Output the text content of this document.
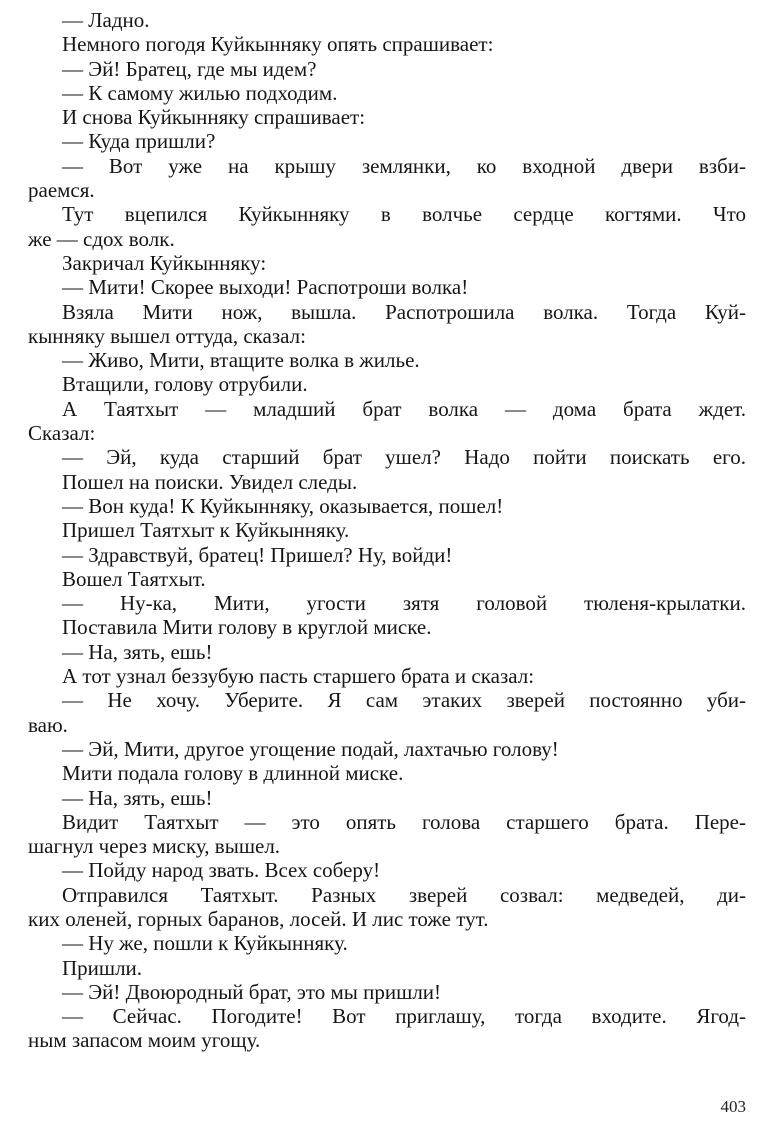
— Ладно.
Немного погодя Куйкынняку опять спрашивает:
— Эй! Братец, где мы идем?
— К самому жилью подходим.
И снова Куйкынняку спрашивает:
— Куда пришли?
— Вот уже на крышу землянки, ко входной двери взби-
раемся.
Тут вцепился Куйкынняку в волчье сердце когтями. Что
же — сдох волк.
Закричал Куйкынняку:
— Мити! Скорее выходи! Распотроши волка!
Взяла Мити нож, вышла. Распотрошила волка. Тогда Куй-
кынняку вышел оттуда, сказал:
— Живо, Мити, втащите волка в жилье.
Втащили, голову отрубили.
А Таятхыт — младший брат волка — дома брата ждет.
Сказал:
— Эй, куда старший брат ушел? Надо пойти поискать его.
Пошел на поиски. Увидел следы.
— Вон куда! К Куйкынняку, оказывается, пошел!
Пришел Таятхыт к Куйкынняку.
— Здравствуй, братец! Пришел? Ну, войди!
Вошел Таятхыт.
— Ну-ка, Мити, угости зятя головой тюленя-крылатки.
Поставила Мити голову в круглой миске.
— На, зять, ешь!
А тот узнал беззубую пасть старшего брата и сказал:
— Не хочу. Уберите. Я сам этаких зверей постоянно уби-
ваю.
— Эй, Мити, другое угощение подай, лахтачью голову!
Мити подала голову в длинной миске.
— На, зять, ешь!
Видит Таятхыт — это опять голова старшего брата. Пере-
шагнул через миску, вышел.
— Пойду народ звать. Всех соберу!
Отправился Таятхыт. Разных зверей созвал: медведей, ди-
ких оленей, горных баранов, лосей. И лис тоже тут.
— Ну же, пошли к Куйкынняку.
Пришли.
— Эй! Двоюродный брат, это мы пришли!
— Сейчас. Погодите! Вот приглашу, тогда входите. Ягод-
ным запасом моим угощу.
403
